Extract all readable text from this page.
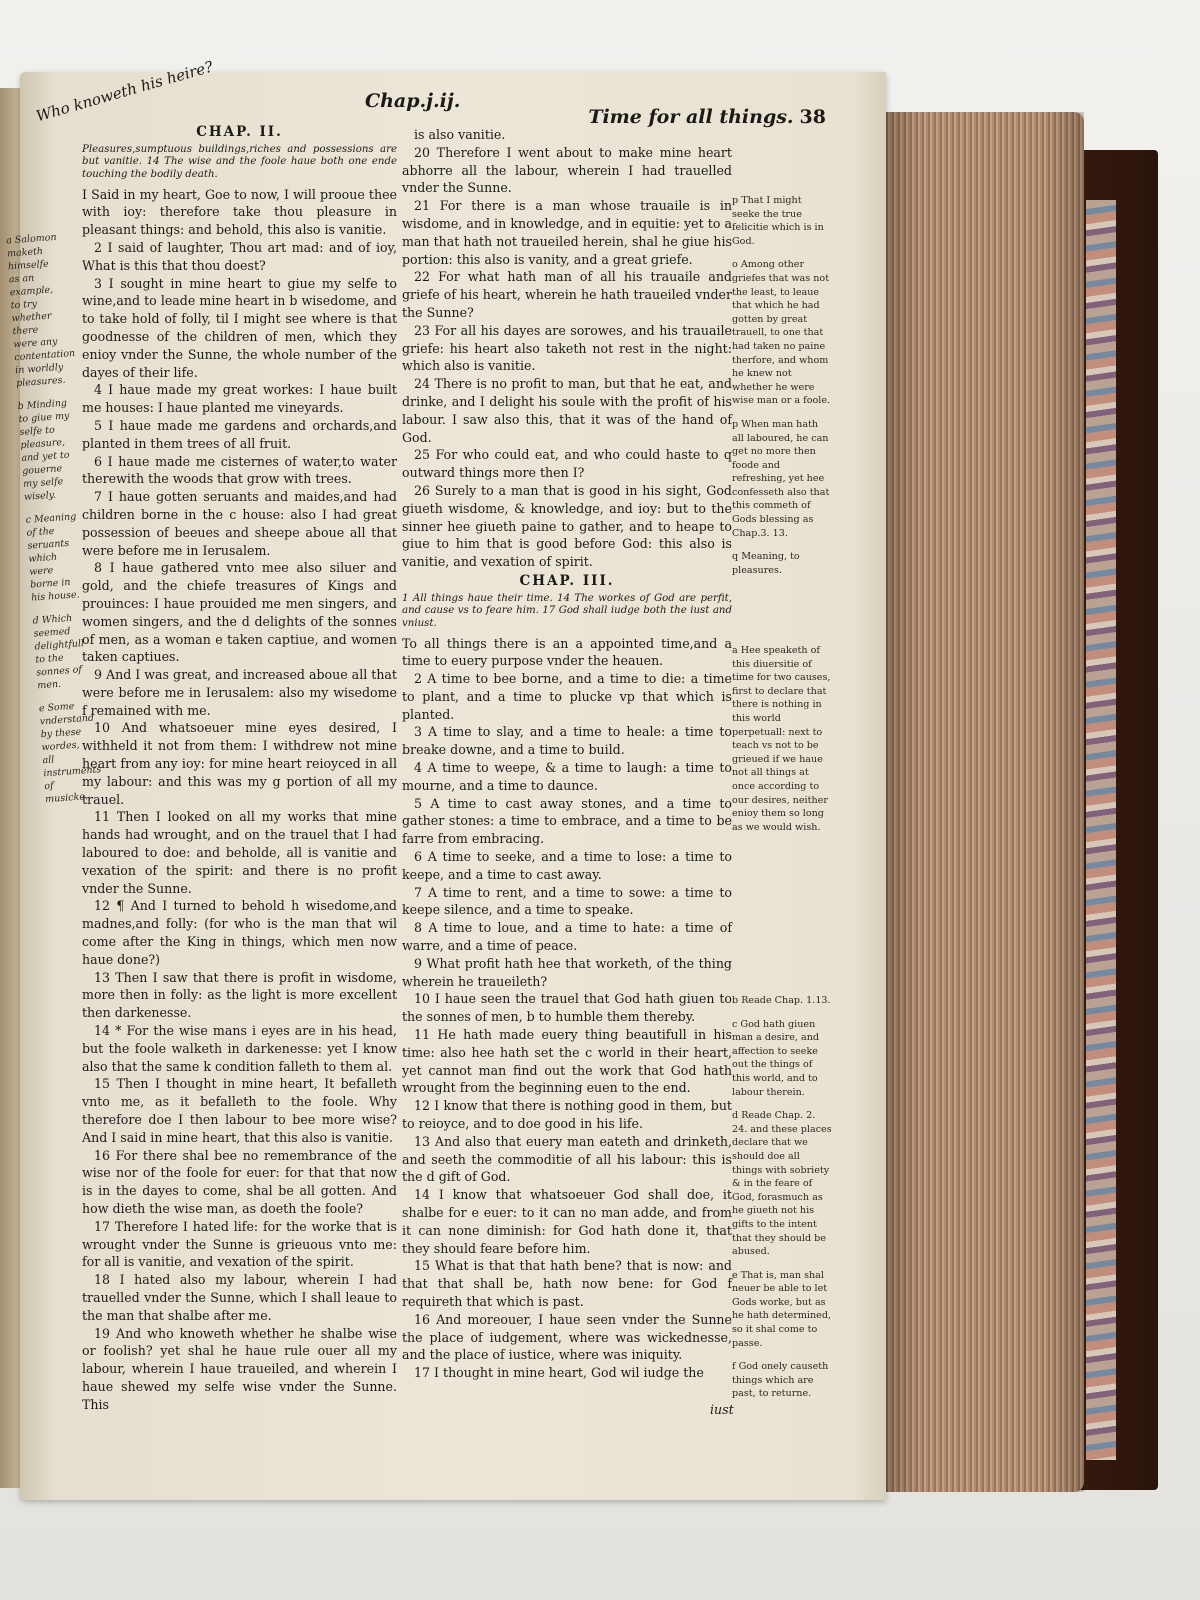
Who knoweth his heire?	Chap.j.ij.
Time for all things. 38
a Salomon maketh himselfe as an example, to try whether there were any contentation in worldly pleasures.
b Minding to giue my selfe to pleasure, and yet to gouerne my selfe wisely.
c Meaning of the seruants which were borne in his house.
d Which seemed delightfull to the sonnes of men.
e Some vnderstand by these wordes, all instruments of musicke.
CHAP. II.
Pleasures,sumptuous buildings,riches and possessions are but vanitie. 14 The wise and the foole haue both one ende touching the bodily death.
I Said in my heart, Goe to now, I will prooue thee with ioy: therefore take thou pleasure in pleasant things: and behold, this also is vanitie.
2 I said of laughter, Thou art mad: and of ioy, What is this that thou doest?
3 I sought in mine heart to giue my selfe to wine,and to leade mine heart in b wisedome, and to take hold of folly, til I might see where is that goodnesse of the children of men, which they enioy vnder the Sunne, the whole number of the dayes of their life.
4 I haue made my great workes: I haue built me houses: I haue planted me vineyards.
5 I haue made me gardens and orchards,and planted in them trees of all fruit.
6 I haue made me cisternes of water,to water therewith the woods that grow with trees.
7 I haue gotten seruants and maides,and had children borne in the c house: also I had great possession of beeues and sheepe aboue all that were before me in Ierusalem.
8 I haue gathered vnto mee also siluer and gold, and the chiefe treasures of Kings and prouinces: I haue prouided me men singers, and women singers, and the d delights of the sonnes of men, as a woman e taken captiue, and women taken captiues.
9 And I was great, and increased aboue all that were before me in Ierusalem: also my wisedome f remained with me.
10 And whatsoeuer mine eyes desired, I withheld it not from them: I withdrew not mine heart from any ioy: for mine heart reioyced in all my labour: and this was my g portion of all my trauel.
11 Then I looked on all my works that mine hands had wrought, and on the trauel that I had laboured to doe: and beholde, all is vanitie and vexation of the spirit: and there is no profit vnder the Sunne.
12 ¶ And I turned to behold h wisedome,and madnes,and folly: (for who is the man that wil come after the King in things, which men now haue done?)
13 Then I saw that there is profit in wisdome, more then in folly: as the light is more excellent then darkenesse.
14 * For the wise mans i eyes are in his head, but the foole walketh in darkenesse: yet I know also that the same k condition falleth to them al.
15 Then I thought in mine heart, It befalleth vnto me, as it befalleth to the foole. Why therefore doe I then labour to bee more wise? And I said in mine heart, that this also is vanitie.
16 For there shal bee no remembrance of the wise nor of the foole for euer: for that that now is in the dayes to come, shal be all gotten. And how dieth the wise man, as doeth the foole?
17 Therefore I hated life: for the worke that is wrought vnder the Sunne is grieuous vnto me: for all is vanitie, and vexation of the spirit.
18 I hated also my labour, wherein I had trauelled vnder the Sunne, which I shall leaue to the man that shalbe after me.
19 And who knoweth whether he shalbe wise or foolish? yet shal he haue rule ouer all my labour, wherein I haue traueiled, and wherein I haue shewed my selfe wise vnder the Sunne. This
is also vanitie.
20 Therefore I went about to make mine heart abhorre all the labour, wherein I had trauelled vnder the Sunne.
21 For there is a man whose trauaile is in wisdome, and in knowledge, and in equitie: yet to a man that hath not traueiled herein, shal he giue his portion: this also is vanity, and a great griefe.
22 For what hath man of all his trauaile and griefe of his heart, wherein he hath traueiled vnder the Sunne?
23 For all his dayes are sorowes, and his trauaile griefe: his heart also taketh not rest in the night: which also is vanitie.
24 There is no profit to man, but that he eat, and drinke, and I delight his soule with the profit of his labour. I saw also this, that it was of the hand of God.
25 For who could eat, and who could haste to q outward things more then I?
26 Surely to a man that is good in his sight, God giueth wisdome, & knowledge, and ioy: but to the sinner hee giueth paine to gather, and to heape to giue to him that is good before God: this also is vanitie, and vexation of spirit.
CHAP. III.
1 All things haue their time. 14 The workes of God are perfit, and cause vs to feare him. 17 God shall iudge both the iust and vniust.
To all things there is an a appointed time,and a time to euery purpose vnder the heauen.
2 A time to bee borne, and a time to die: a time to plant, and a time to plucke vp that which is planted.
3 A time to slay, and a time to heale: a time to breake downe, and a time to build.
4 A time to weepe, & a time to laugh: a time to mourne, and a time to daunce.
5 A time to cast away stones, and a time to gather stones: a time to embrace, and a time to be farre from embracing.
6 A time to seeke, and a time to lose: a time to keepe, and a time to cast away.
7 A time to rent, and a time to sowe: a time to keepe silence, and a time to speake.
8 A time to loue, and a time to hate: a time of warre, and a time of peace.
9 What profit hath hee that worketh, of the thing wherein he traueileth?
10 I haue seen the trauel that God hath giuen to the sonnes of men, b to humble them thereby.
11 He hath made euery thing beautifull in his time: also hee hath set the c world in their heart, yet cannot man find out the work that God hath wrought from the beginning euen to the end.
12 I know that there is nothing good in them, but to reioyce, and to doe good in his life.
13 And also that euery man eateth and drinketh, and seeth the commoditie of all his labour: this is the d gift of God.
14 I know that whatsoeuer God shall doe, it shalbe for e euer: to it can no man adde, and from it can none diminish: for God hath done it, that they should feare before him.
15 What is that that hath bene? that is now: and that that shall be, hath now bene: for God f requireth that which is past.
16 And moreouer, I haue seen vnder the Sunne the place of iudgement, where was wickednesse, and the place of iustice, where was iniquity.
17 I thought in mine heart, God wil iudge the
p That I might seeke the true felicitie which is in God.
o Among other griefes that was not the least, to leaue that which he had gotten by great trauell, to one that had taken no paine therfore, and whom he knew not whether he were wise man or a foole.
p When man hath all laboured, he can get no more then foode and refreshing, yet hee confesseth also that this commeth of Gods blessing as Chap.3. 13.
q Meaning, to pleasures.
a Hee speaketh of this diuersitie of time for two causes, first to declare that there is nothing in this world perpetuall: next to teach vs not to be grieued if we haue not all things at once according to our desires, neither enioy them so long as we would wish.
b Reade Chap. 1.13.
c God hath giuen man a desire, and affection to seeke out the things of this world, and to labour therein.
d Reade Chap. 2. 24. and these places declare that we should doe all things with sobriety & in the feare of God, forasmuch as he giueth not his gifts to the intent that they should be abused.
e That is, man shal neuer be able to let Gods worke, but as he hath determined, so it shal come to passe.
f God onely causeth things which are past, to returne.
iust
